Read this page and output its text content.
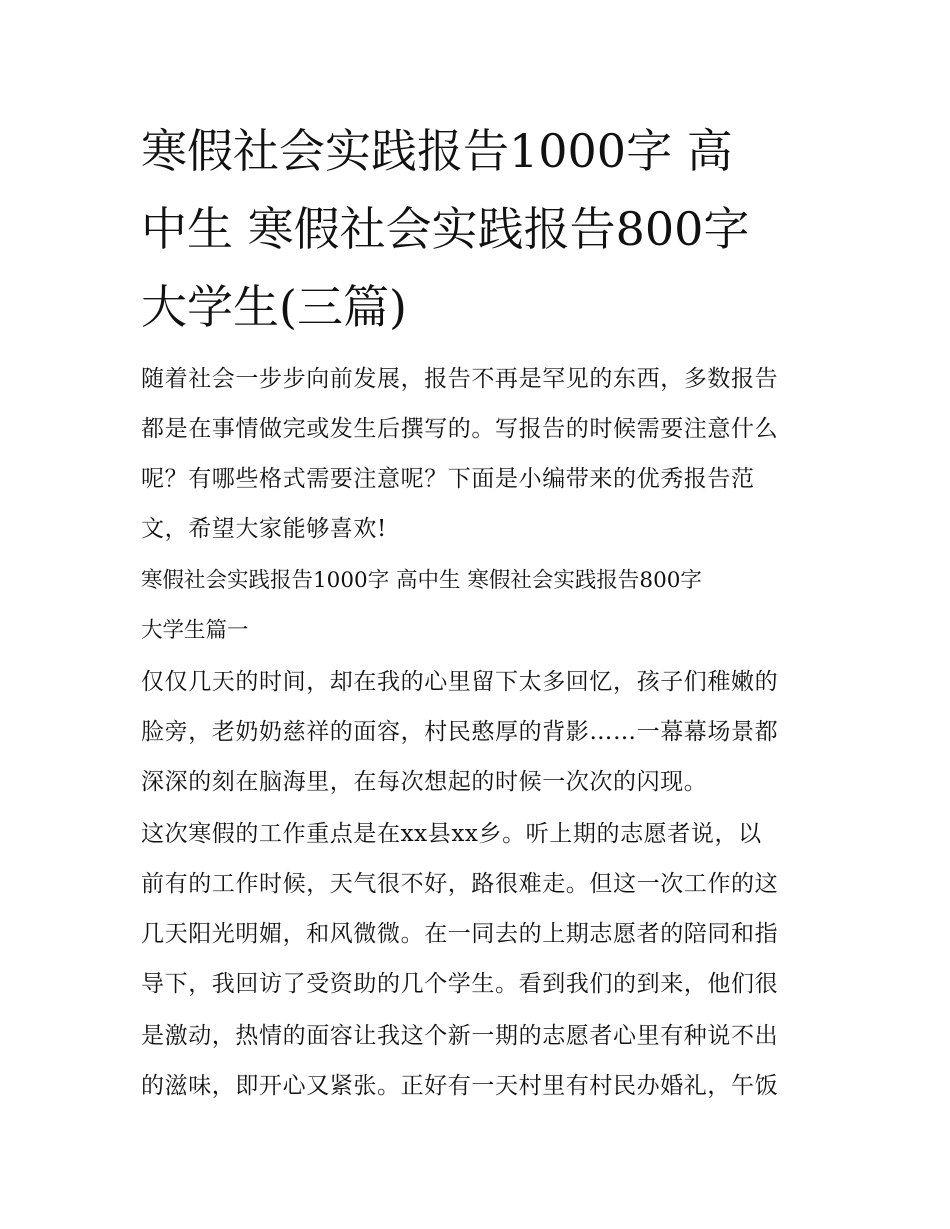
寒假社会实践报告1000字 高
中生 寒假社会实践报告800字
大学生(三篇)
随着社会一步步向前发展，报告不再是罕见的东西，多数报告
都是在事情做完或发生后撰写的。写报告的时候需要注意什么
呢？有哪些格式需要注意呢？下面是小编带来的优秀报告范
文，希望大家能够喜欢!
寒假社会实践报告1000字 高中生 寒假社会实践报告800字
大学生篇一
仅仅几天的时间，却在我的心里留下太多回忆，孩子们稚嫩的
脸旁，老奶奶慈祥的面容，村民憨厚的背影……一幕幕场景都
深深的刻在脑海里，在每次想起的时候一次次的闪现。
这次寒假的工作重点是在xx县xx乡。听上期的志愿者说，以
前有的工作时候，天气很不好，路很难走。但这一次工作的这
几天阳光明媚，和风微微。在一同去的上期志愿者的陪同和指
导下，我回访了受资助的几个学生。看到我们的到来，他们很
是激动，热情的面容让我这个新一期的志愿者心里有种说不出
的滋味，即开心又紧张。正好有一天村里有村民办婚礼，午饭
